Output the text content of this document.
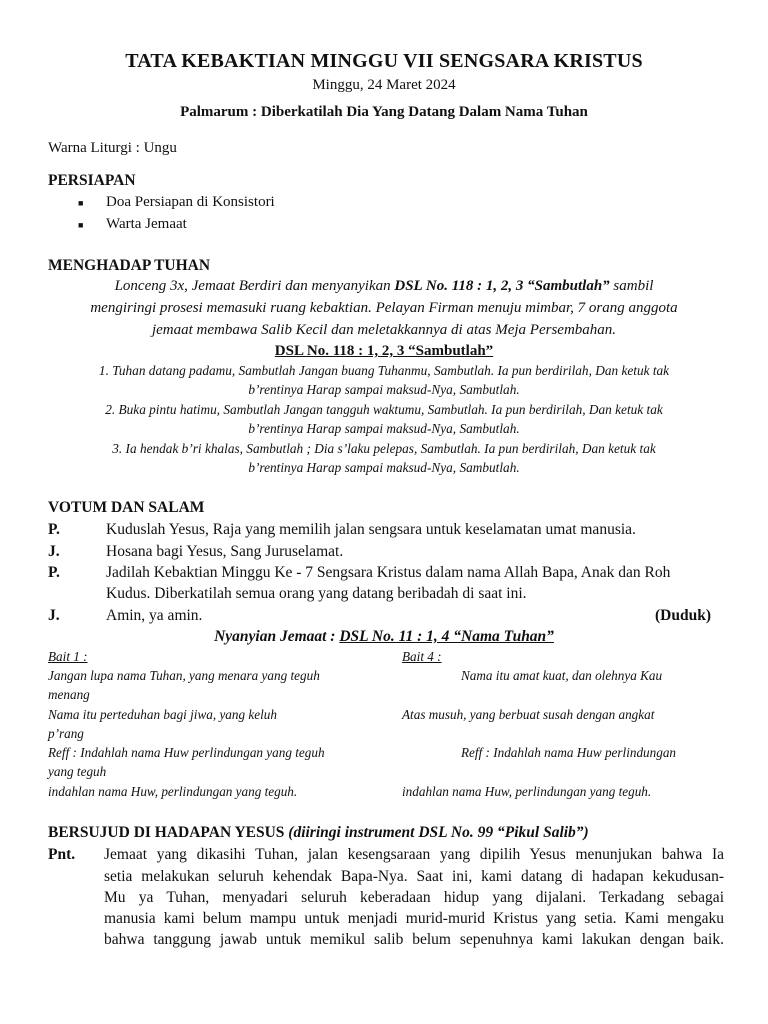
TATA KEBAKTIAN MINGGU VII SENGSARA KRISTUS
Minggu, 24 Maret 2024
Palmarum : Diberkatilah Dia Yang Datang Dalam Nama Tuhan
Warna Liturgi : Ungu
PERSIAPAN
■ Doa Persiapan di Konsistori
■ Warta Jemaat
MENGHADAP TUHAN
Lonceng 3x, Jemaat Berdiri dan menyanyikan DSL No. 118 : 1, 2, 3 “Sambutlah” sambil
mengiringi prosesi memasuki ruang kebaktian. Pelayan Firman menuju mimbar, 7 orang anggota
jemaat membawa Salib Kecil dan meletakkannya di atas Meja Persembahan.
DSL No. 118 : 1, 2, 3 “Sambutlah”
1. Tuhan datang padamu, Sambutlah Jangan buang Tuhanmu, Sambutlah. Ia pun berdirilah, Dan ketuk tak
b’rentinya Harap sampai maksud-Nya, Sambutlah.
2. Buka pintu hatimu, Sambutlah Jangan tangguh waktumu, Sambutlah. Ia pun berdirilah, Dan ketuk tak
b’rentinya Harap sampai maksud-Nya, Sambutlah.
3. Ia hendak b’ri khalas, Sambutlah ; Dia s’laku pelepas, Sambutlah. Ia pun berdirilah, Dan ketuk tak
b’rentinya Harap sampai maksud-Nya, Sambutlah.
VOTUM DAN SALAM
P.	Kuduslah Yesus, Raja yang memilih jalan sengsara untuk keselamatan umat manusia.
J.	Hosana bagi Yesus, Sang Juruselamat.
P.	Jadilah Kebaktian Minggu Ke - 7 Sengsara Kristus dalam nama Allah Bapa, Anak dan Roh
Kudus. Diberkatilah semua orang yang datang beribadah di saat ini.
J.	Amin, ya amin.	(Duduk)
Nyanyian Jemaat : DSL No. 11 : 1, 4 “Nama Tuhan”
Bait 1 :	Bait 4 :
Jangan lupa nama Tuhan, yang menara yang teguh	Nama itu amat kuat, dan olehnya Kau
menang
Nama itu perteduhan bagi jiwa, yang keluh	Atas musuh, yang berbuat susah dengan angkat
p’rang
Reff : Indahlah nama Huw perlindungan yang teguh	Reff : Indahlah nama Huw perlindungan
yang teguh
indahlan nama Huw, perlindungan yang teguh.	indahlan nama Huw, perlindungan yang teguh.
BERSUJUD DI HADAPAN YESUS (diiringi instrument DSL No. 99 “Pikul Salib”)
Pnt. Jemaat yang dikasihi Tuhan, jalan kesengsaraan yang dipilih Yesus menunjukan bahwa Ia
setia melakukan seluruh kehendak Bapa-Nya. Saat ini, kami datang di hadapan kekudusan-
Mu ya Tuhan, menyadari seluruh keberadaan hidup yang dijalani. Terkadang sebagai
manusia kami belum mampu untuk menjadi murid-murid Kristus yang setia. Kami mengaku
bahwa tanggung jawab untuk memikul salib belum sepenuhnya kami lakukan dengan baik.
